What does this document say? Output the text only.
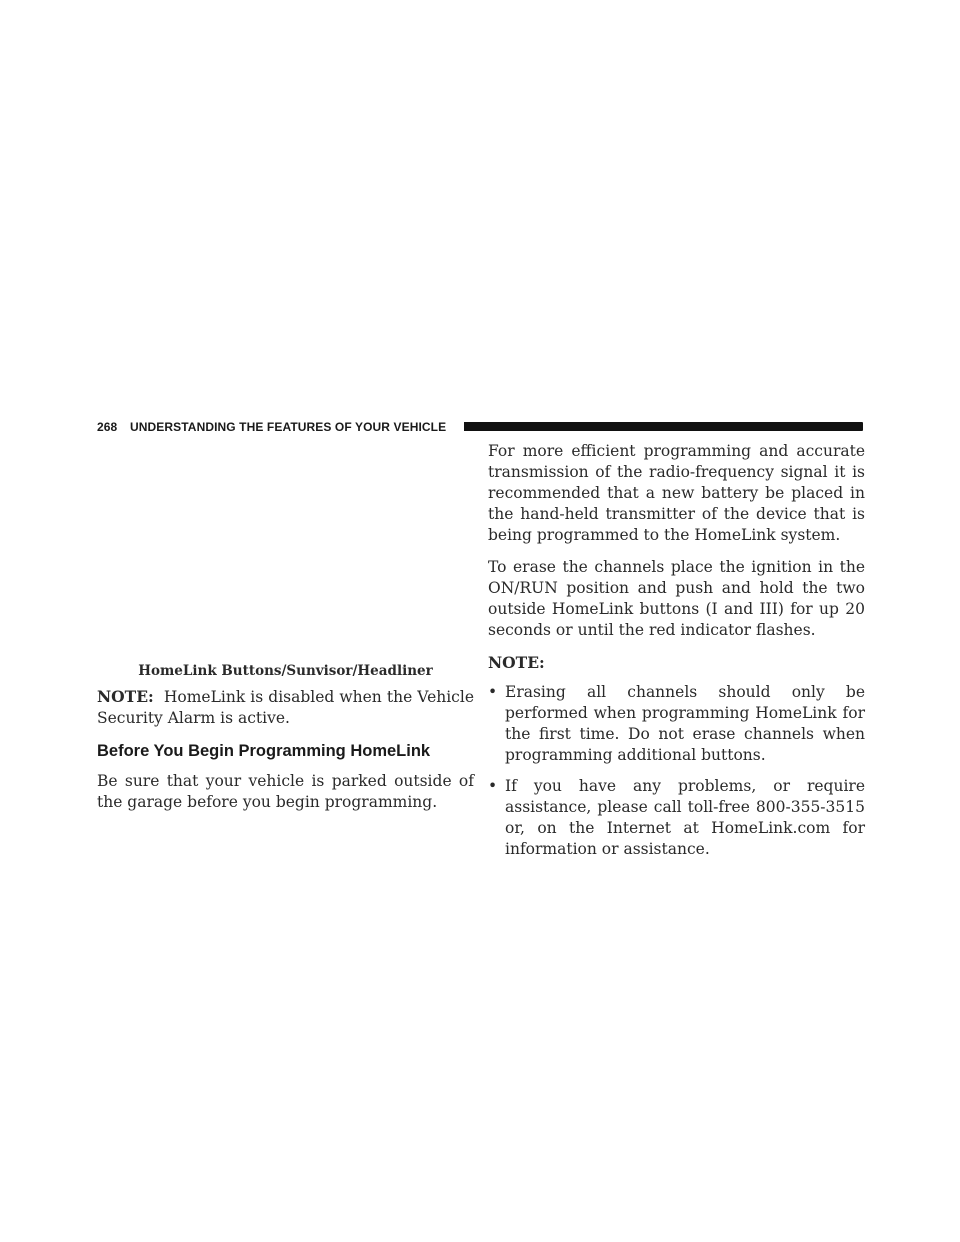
268 UNDERSTANDING THE FEATURES OF YOUR VEHICLE

HomeLink Buttons/Sunvisor/Headliner

NOTE: HomeLink is disabled when the Vehicle Security Alarm is active.

Before You Begin Programming HomeLink

Be sure that your vehicle is parked outside of the garage before you begin programming.

For more efficient programming and accurate transmission of the radio-frequency signal it is recommended that a new battery be placed in the hand-held transmitter of the device that is being programmed to the HomeLink system.

To erase the channels place the ignition in the ON/RUN position and push and hold the two outside HomeLink buttons (I and III) for up 20 seconds or until the red indicator flashes.

NOTE:

• Erasing all channels should only be performed when programming HomeLink for the first time. Do not erase channels when programming additional buttons.
• If you have any problems, or require assistance, please call toll-free 800-355-3515 or, on the Internet at HomeLink.com for information or assistance.
